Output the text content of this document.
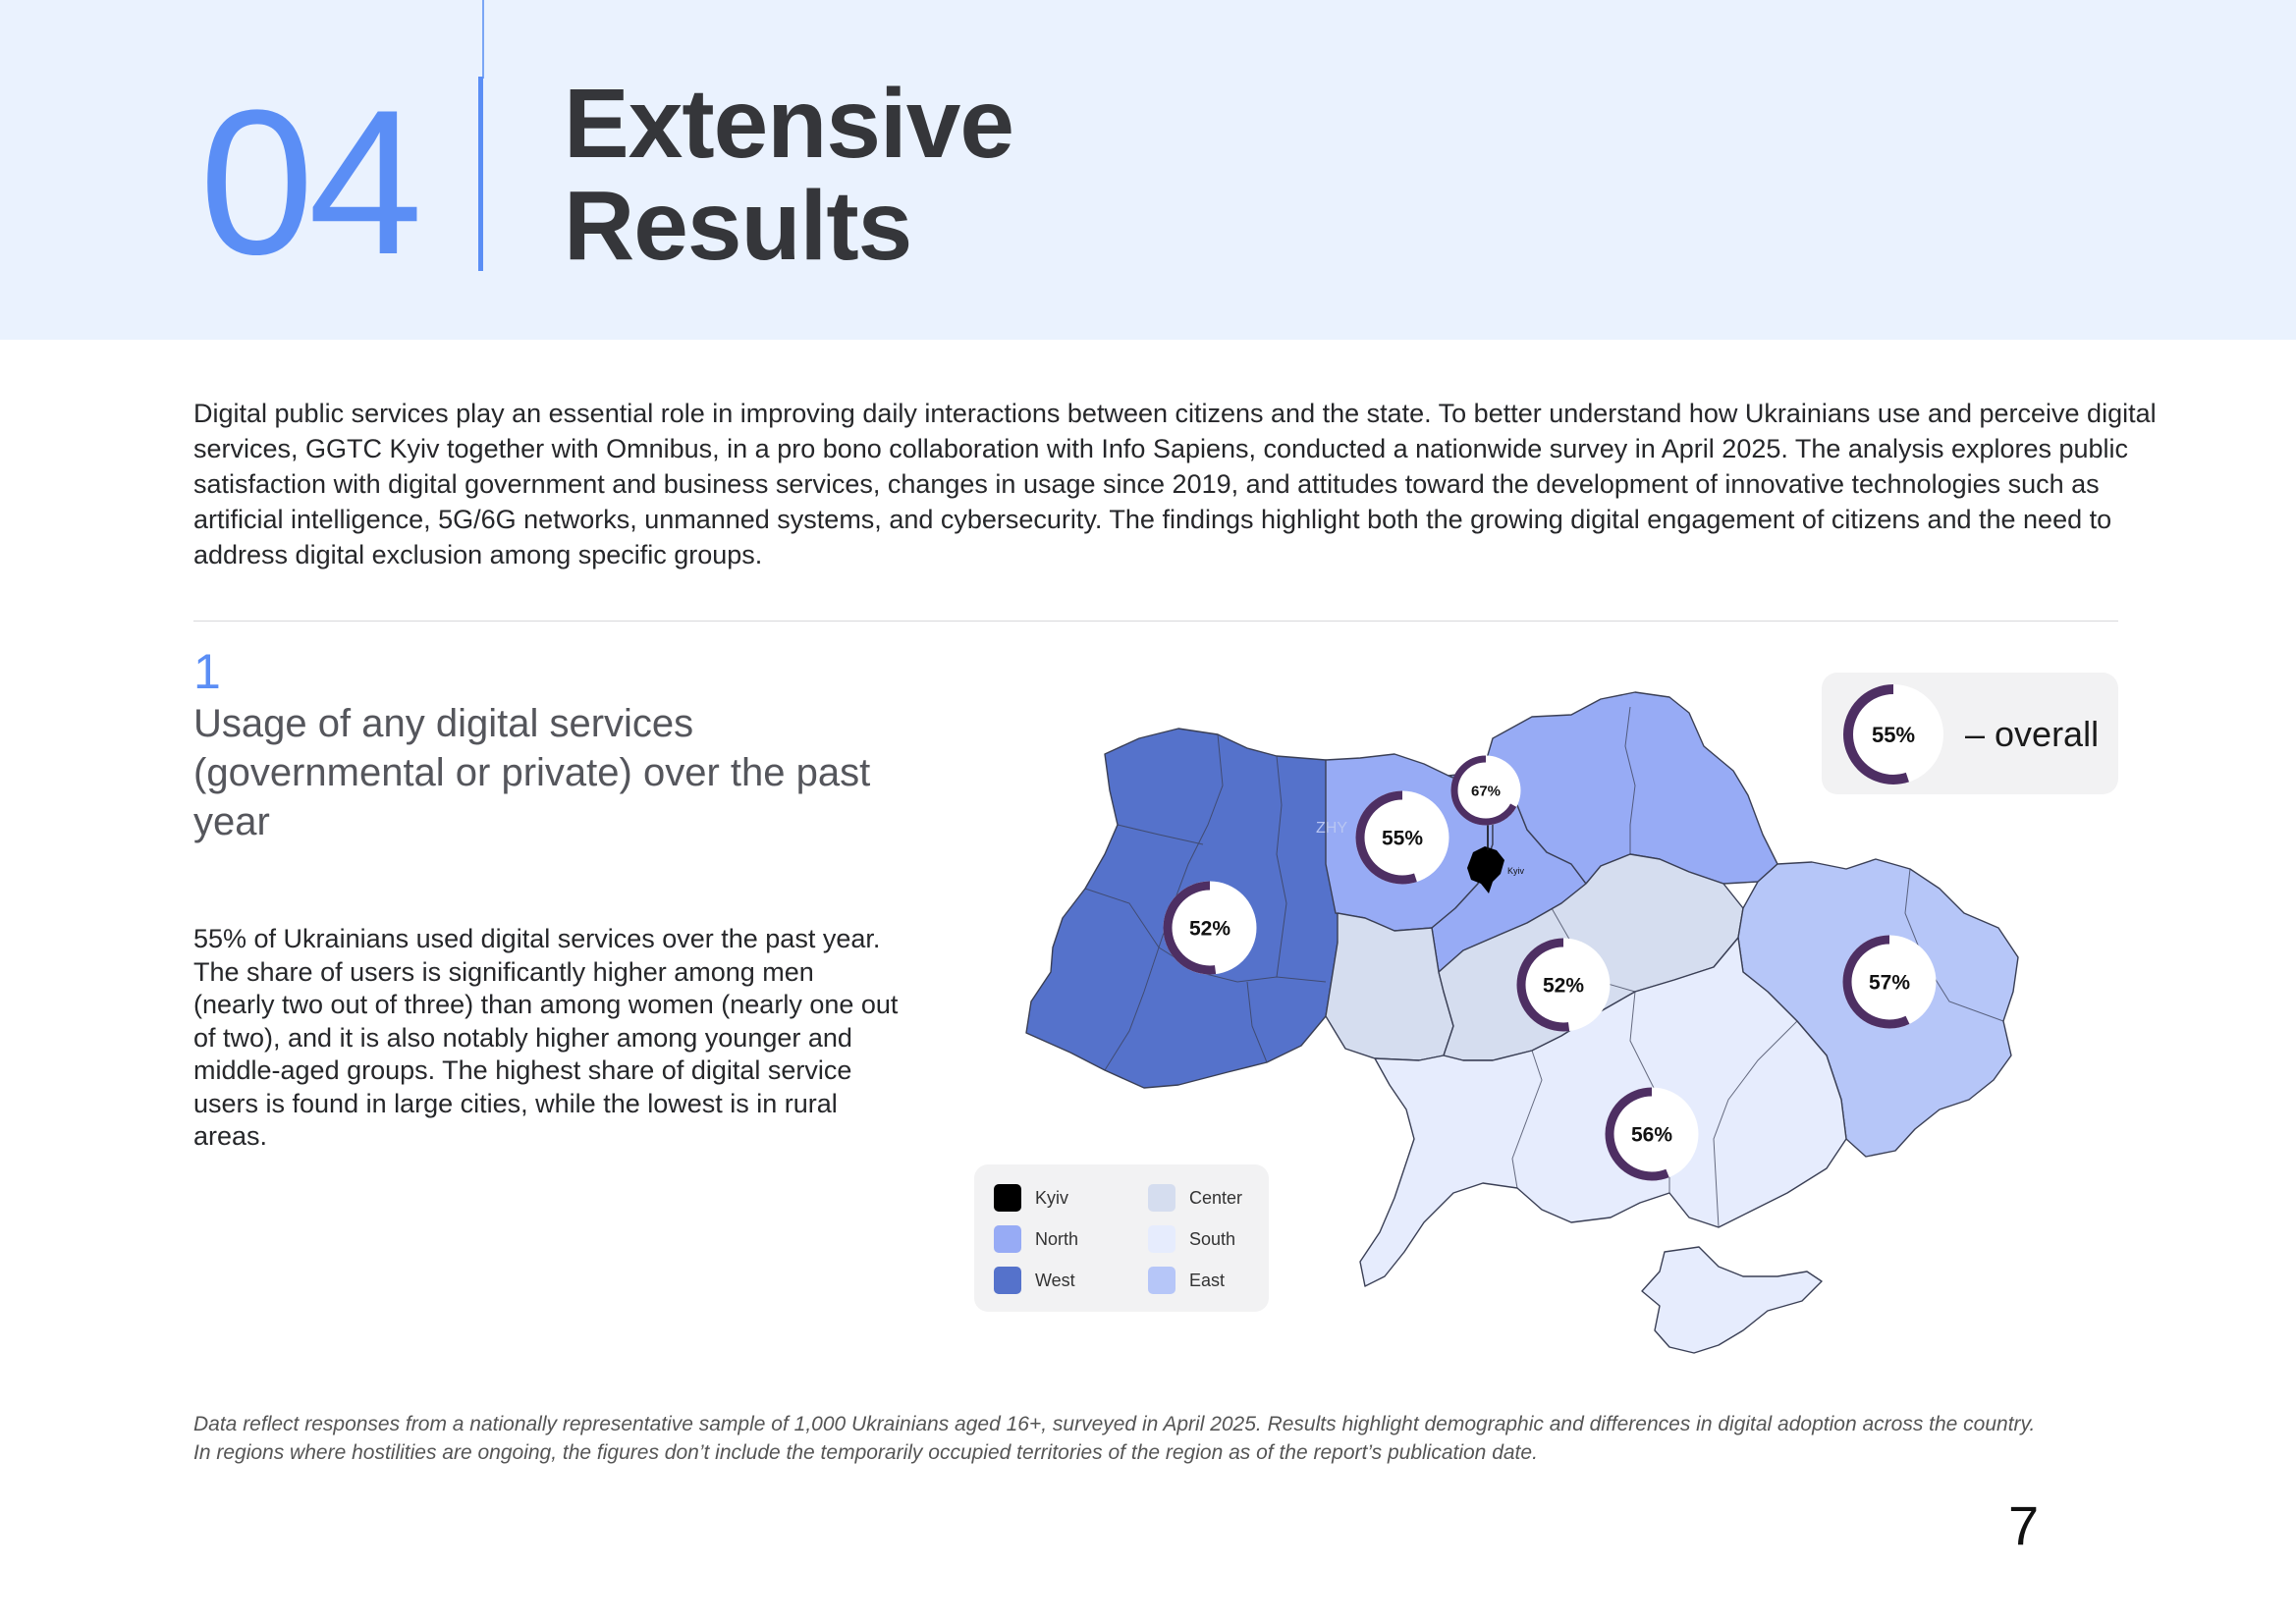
04 Extensive
Results
Digital public services play an essential role in improving daily interactions between citizens and the state. To better understand how Ukrainians use and perceive digital services, GGTC Kyiv together with Omnibus, in a pro bono collaboration with Info Sapiens, conducted a nationwide survey in April 2025. The analysis explores public satisfaction with digital government and business services, changes in usage since 2019, and attitudes toward the development of innovative technologies such as artificial intelligence, 5G/6G networks, unmanned systems, and cybersecurity. The findings highlight both the growing digital engagement of citizens and the need to address digital exclusion among specific groups.
1
Usage of any digital services (governmental or private) over the past year
55% of Ukrainians used digital services over the past year. The share of users is significantly higher among men (nearly two out of three) than among women (nearly one out of two), and it is also notably higher among younger and middle-aged groups. The highest share of digital service users is found in large cities, while the lowest is in rural areas.
– overall
Kyiv
ZHY
67%
55%
52%
52%
56%
57%
55%
Kyiv	Center
North	South
West	East
Data reflect responses from a nationally representative sample of 1,000 Ukrainians aged 16+, surveyed in April 2025. Results highlight demographic and differences in digital adoption across the country.
In regions where hostilities are ongoing, the figures don’t include the temporarily occupied territories of the region as of the report’s publication date.
7
